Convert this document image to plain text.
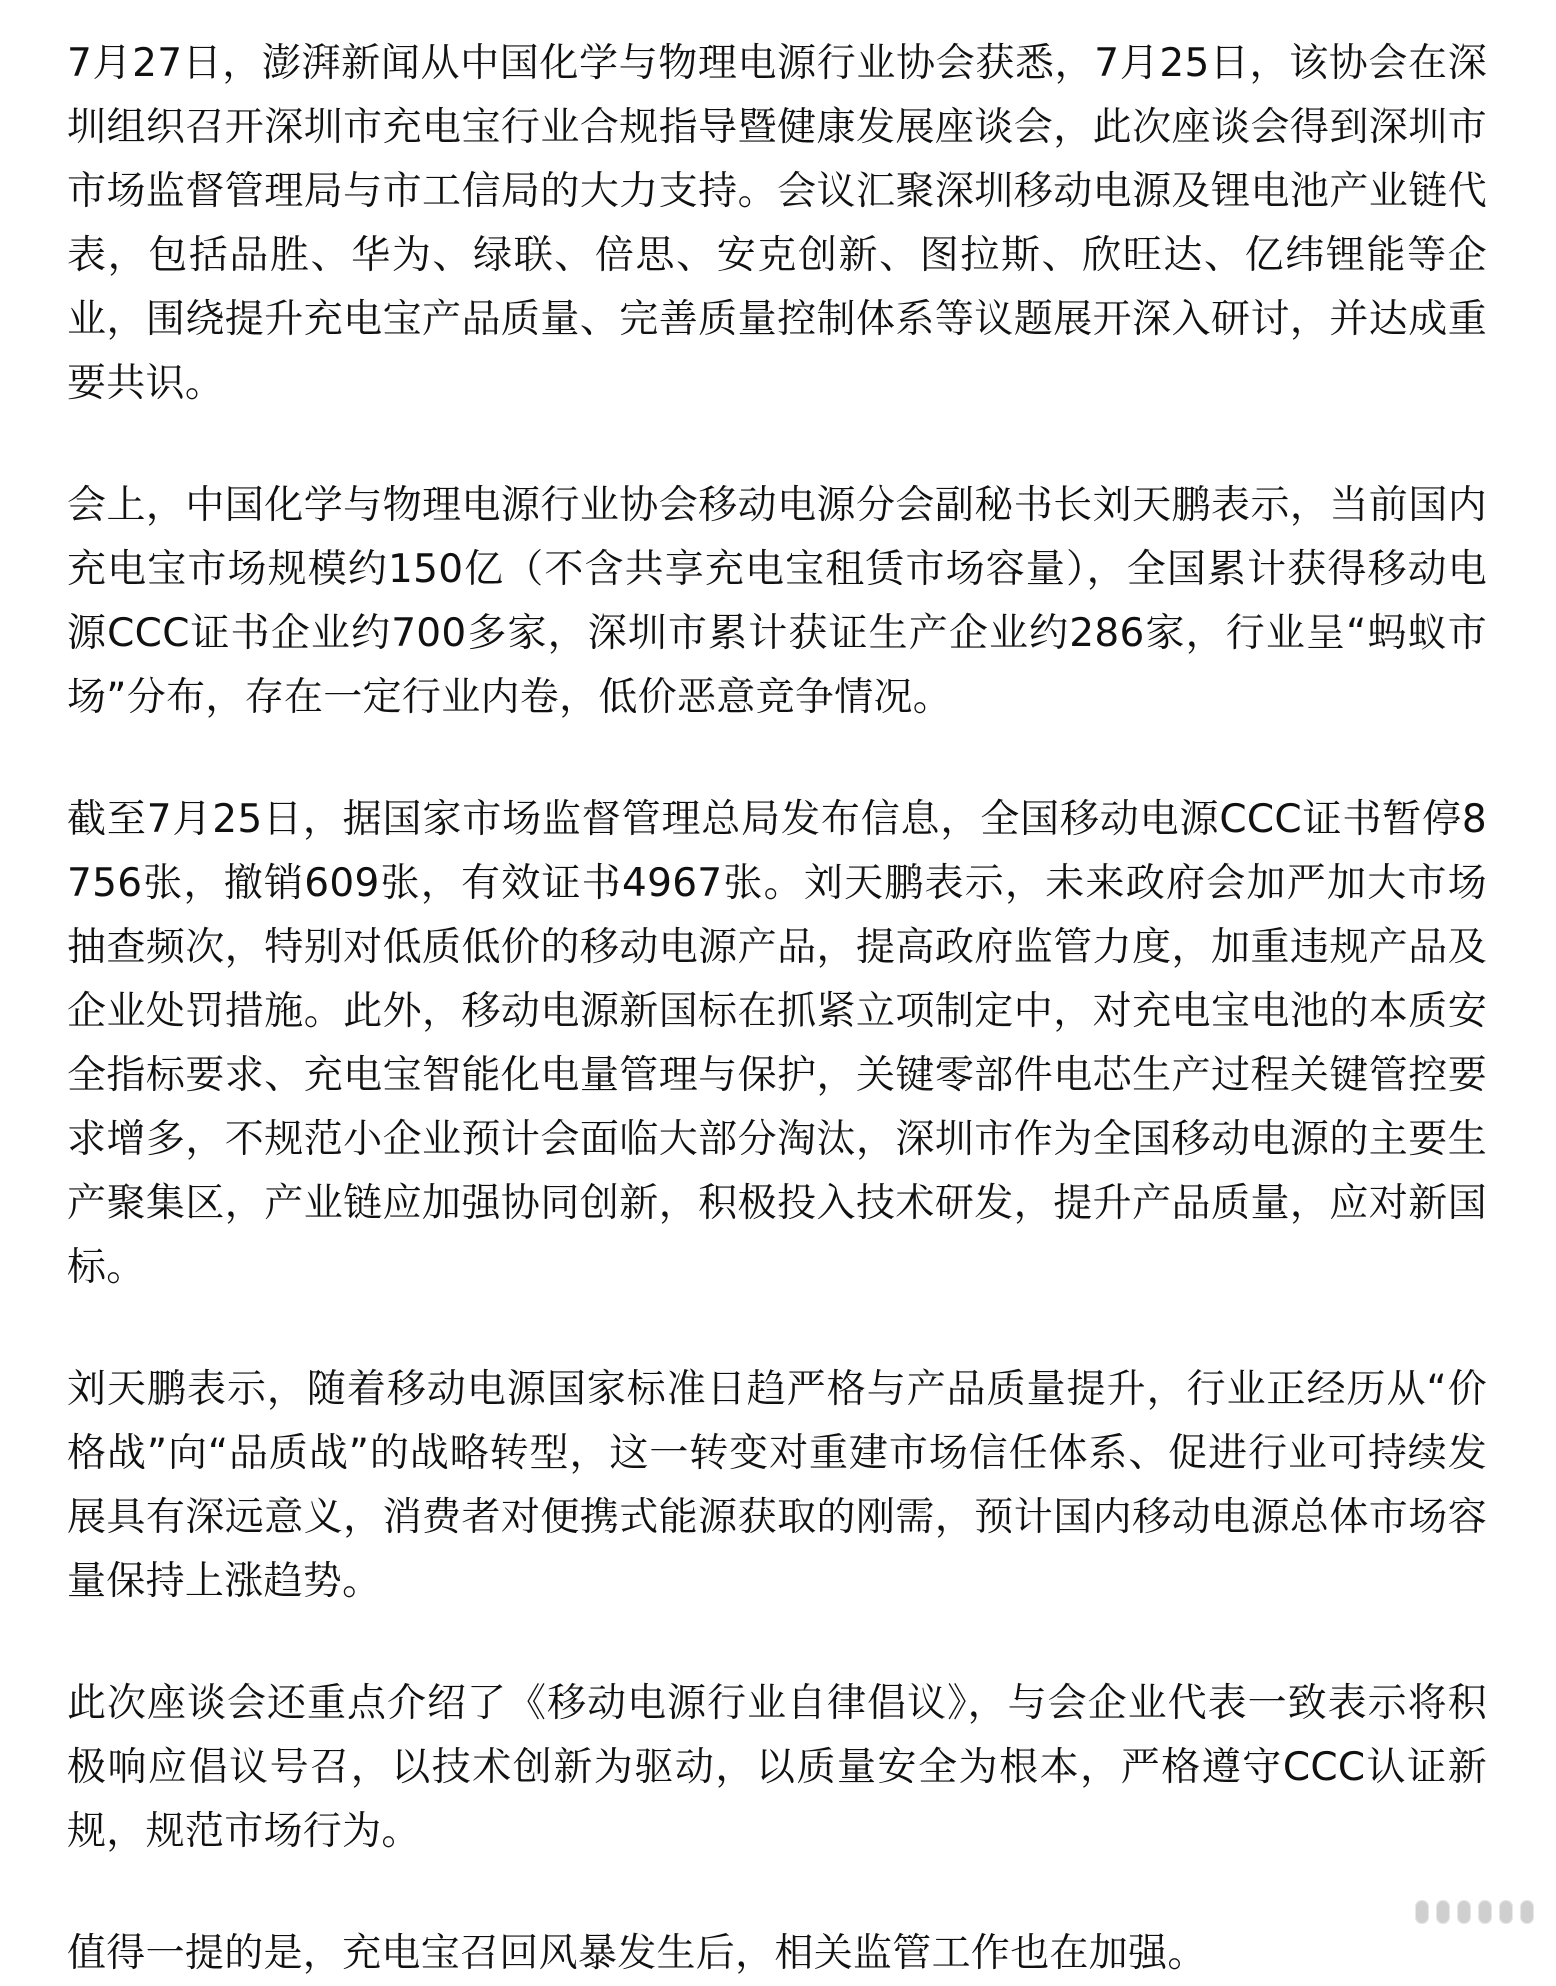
7月27日，澎湃新闻从中国化学与物理电源行业协会获悉，7月25日，该协会在深圳组织召开深圳市充电宝行业合规指导暨健康发展座谈会，此次座谈会得到深圳市市场监督管理局与市工信局的大力支持。会议汇聚深圳移动电源及锂电池产业链代表，包括品胜、华为、绿联、倍思、安克创新、图拉斯、欣旺达、亿纬锂能等企业，围绕提升充电宝产品质量、完善质量控制体系等议题展开深入研讨，并达成重要共识。

会上，中国化学与物理电源行业协会移动电源分会副秘书长刘天鹏表示，当前国内充电宝市场规模约150亿（不含共享充电宝租赁市场容量），全国累计获得移动电源CCC证书企业约700多家，深圳市累计获证生产企业约286家，行业呈“蚂蚁市场”分布，存在一定行业内卷，低价恶意竞争情况。

截至7月25日，据国家市场监督管理总局发布信息，全国移动电源CCC证书暂停8756张，撤销609张，有效证书4967张。刘天鹏表示，未来政府会加严加大市场抽查频次，特别对低质低价的移动电源产品，提高政府监管力度，加重违规产品及企业处罚措施。此外，移动电源新国标在抓紧立项制定中，对充电宝电池的本质安全指标要求、充电宝智能化电量管理与保护，关键零部件电芯生产过程关键管控要求增多，不规范小企业预计会面临大部分淘汰，深圳市作为全国移动电源的主要生产聚集区，产业链应加强协同创新，积极投入技术研发，提升产品质量，应对新国标。

刘天鹏表示，随着移动电源国家标准日趋严格与产品质量提升，行业正经历从“价格战”向“品质战”的战略转型，这一转变对重建市场信任体系、促进行业可持续发展具有深远意义，消费者对便携式能源获取的刚需，预计国内移动电源总体市场容量保持上涨趋势。

此次座谈会还重点介绍了《移动电源行业自律倡议》，与会企业代表一致表示将积极响应倡议号召，以技术创新为驱动，以质量安全为根本，严格遵守CCC认证新规，规范市场行为。

值得一提的是，充电宝召回风暴发生后，相关监管工作也在加强。
